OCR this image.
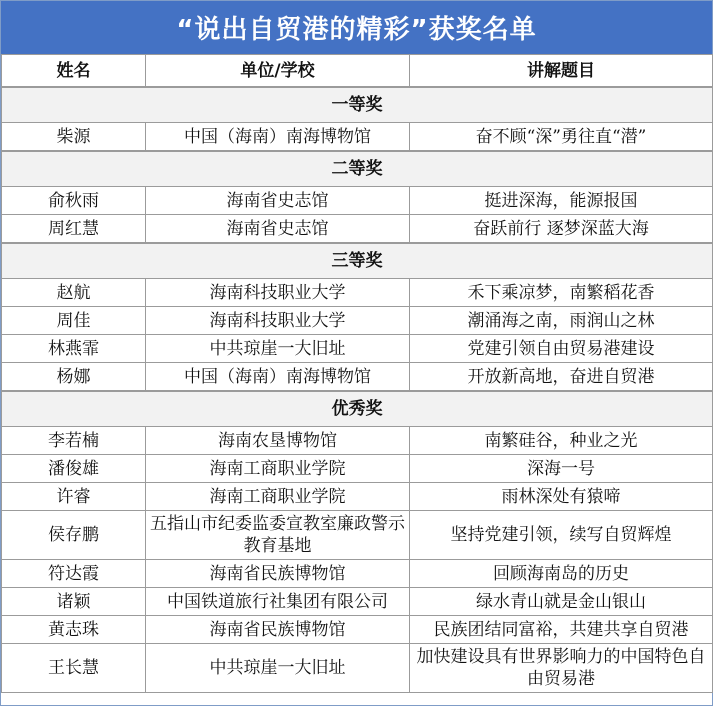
“说出自贸港的精彩”获奖名单
姓名	单位/学校	讲解题目
一等奖		
柴源	中国（海南）南海博物馆	奋不顾“深”勇往直“潜”
二等奖		
俞秋雨	海南省史志馆	挺进深海，能源报国
周红慧	海南省史志馆	奋跃前行 逐梦深蓝大海
三等奖		
赵航	海南科技职业大学	禾下乘凉梦，南繁稻花香
周佳	海南科技职业大学	潮涌海之南，雨润山之林
林燕霏	中共琼崖一大旧址	党建引领自由贸易港建设
杨娜	中国（海南）南海博物馆	开放新高地，奋进自贸港
优秀奖		
李若楠	海南农垦博物馆	南繁硅谷，种业之光
潘俊雄	海南工商职业学院	深海一号
许睿	海南工商职业学院	雨林深处有猿啼
侯存鹏	五指山市纪委监委宣教室廉政警示教育基地	坚持党建引领，续写自贸辉煌
符达霞	海南省民族博物馆	回顾海南岛的历史
诸颖	中国铁道旅行社集团有限公司	绿水青山就是金山银山
黄志珠	海南省民族博物馆	民族团结同富裕，共建共享自贸港
王长慧	中共琼崖一大旧址	加快建设具有世界影响力的中国特色自由贸易港
